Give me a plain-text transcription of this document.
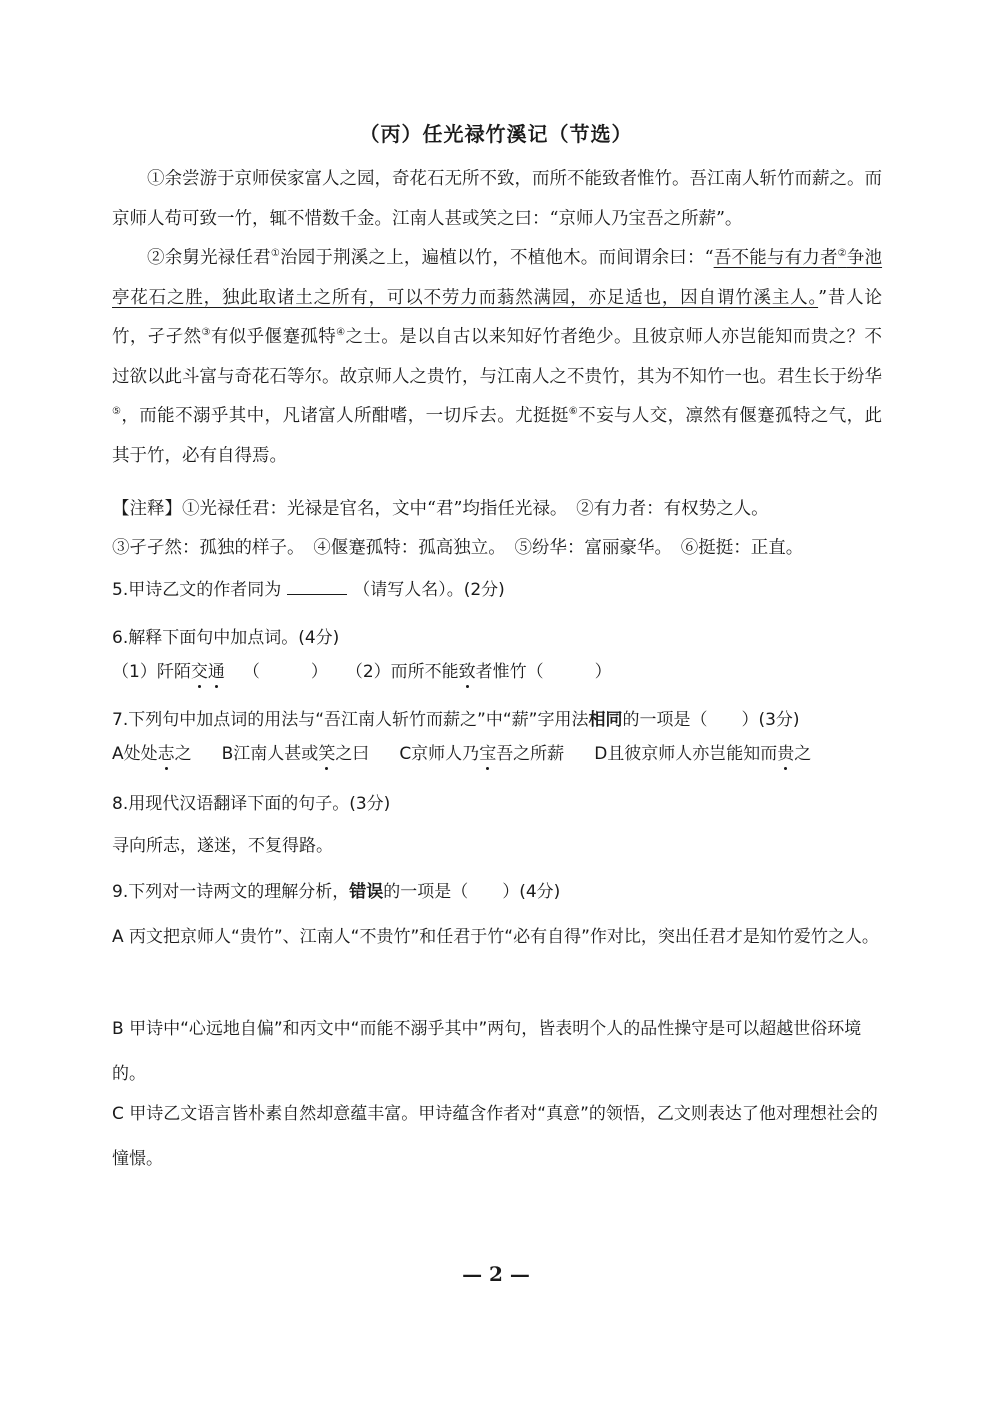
（丙）任光禄竹溪记（节选）

①余尝游于京师侯家富人之园，奇花石无所不致，而所不能致者惟竹。吾江南人斩竹而薪之。而京师人苟可致一竹，辄不惜数千金。江南人甚或笑之曰：“京师人乃宝吾之所薪”。

②余舅光禄任君①治园于荆溪之上，遍植以竹，不植他木。而间谓余曰：“吾不能与有力者②争池亭花石之胜，独此取诸土之所有，可以不劳力而蓊然满园，亦足适也，因自谓竹溪主人。”昔人论竹，孑孑然③有似乎偃蹇孤特④之士。是以自古以来知好竹者绝少。且彼京师人亦岂能知而贵之？不过欲以此斗富与奇花石等尔。故京师人之贵竹，与江南人之不贵竹，其为不知竹一也。君生长于纷华⑤，而能不溺乎其中，凡诸富人所酣嗜，一切斥去。尤挺挺⑥不妄与人交，凛然有偃蹇孤特之气，此其于竹，必有自得焉。

【注释】①光禄任君：光禄是官名，文中“君”均指任光禄。　②有力者：有权势之人。
③孑孑然：孤独的样子。　④偃蹇孤特：孤高独立。　⑤纷华：富丽豪华。　⑥挺挺：正直。
5.甲诗乙文的作者同为	（请写人名）。(2分)
6.解释下面句中加点词。(4分)
（1）阡陌交通 （　　　） （2）而所不能致者惟竹（　　　）
7.下列句中加点词的用法与“吾江南人斩竹而薪之”中“薪”字用法相同的一项是（　　）(3分)
A处处志之 B江南人甚或笑之曰 C京师人乃宝吾之所薪 D且彼京师人亦岂能知而贵之
8.用现代汉语翻译下面的句子。(3分)
寻向所志，遂迷，不复得路。
9.下列对一诗两文的理解分析，错误的一项是（　　）(4分)
A 丙文把京师人“贵竹”、江南人“不贵竹”和任君于竹“必有自得”作对比，突出任君才是知竹爱竹之人。
B 甲诗中“心远地自偏”和丙文中“而能不溺乎其中”两句，皆表明个人的品性操守是可以超越世俗环境的。
C 甲诗乙文语言皆朴素自然却意蕴丰富。甲诗蕴含作者对“真意”的领悟，乙文则表达了他对理想社会的憧憬。
— 2 —
